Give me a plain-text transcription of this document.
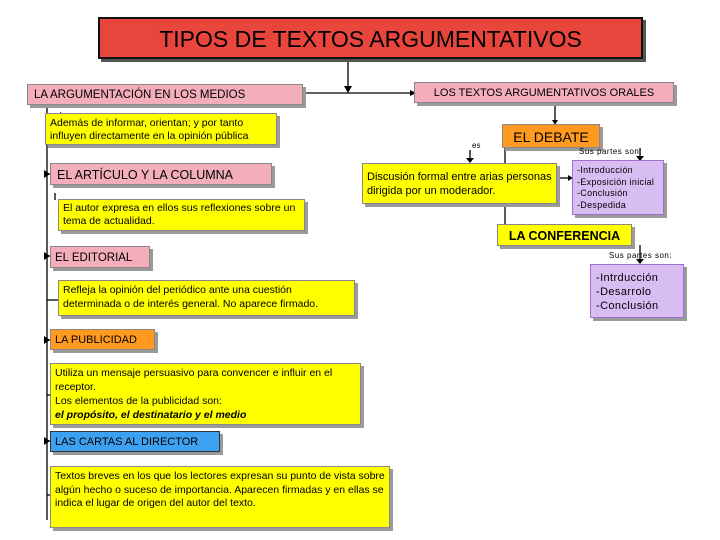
TIPOS DE TEXTOS ARGUMENTATIVOS
LA ARGUMENTACIÓN EN LOS MEDIOS
Además de informar, orientan; y por tanto influyen directamente en la opinión pública
EL ARTÍCULO Y LA COLUMNA
El autor expresa en ellos sus reflexiones sobre un tema de actualidad.
EL EDITORIAL
Refleja la opinión del periódico ante una cuestión determinada o de interés general. No aparece firmado.
LA PUBLICIDAD
Utiliza un mensaje persuasivo para convencer e influir en el receptor.
Los elementos de la publicidad son:
el propósito, el destinatario y el medio
LAS CARTAS AL DIRECTOR
Textos breves en los que los lectores expresan su punto de vista sobre algún hecho o suceso de importancia. Aparecen firmadas y en ellas se indica el lugar de origen del autor del texto.
LOS TEXTOS ARGUMENTATIVOS ORALES
EL DEBATE
es
Sus partes son:
Discusión formal entre arias personas dirigida por un moderador.
-Introducción
-Exposición inicial
-Conclusión
-Despedida
LA CONFERENCIA
Sus partes son:
-Intrducción
-Desarrolo
-Conclusión
